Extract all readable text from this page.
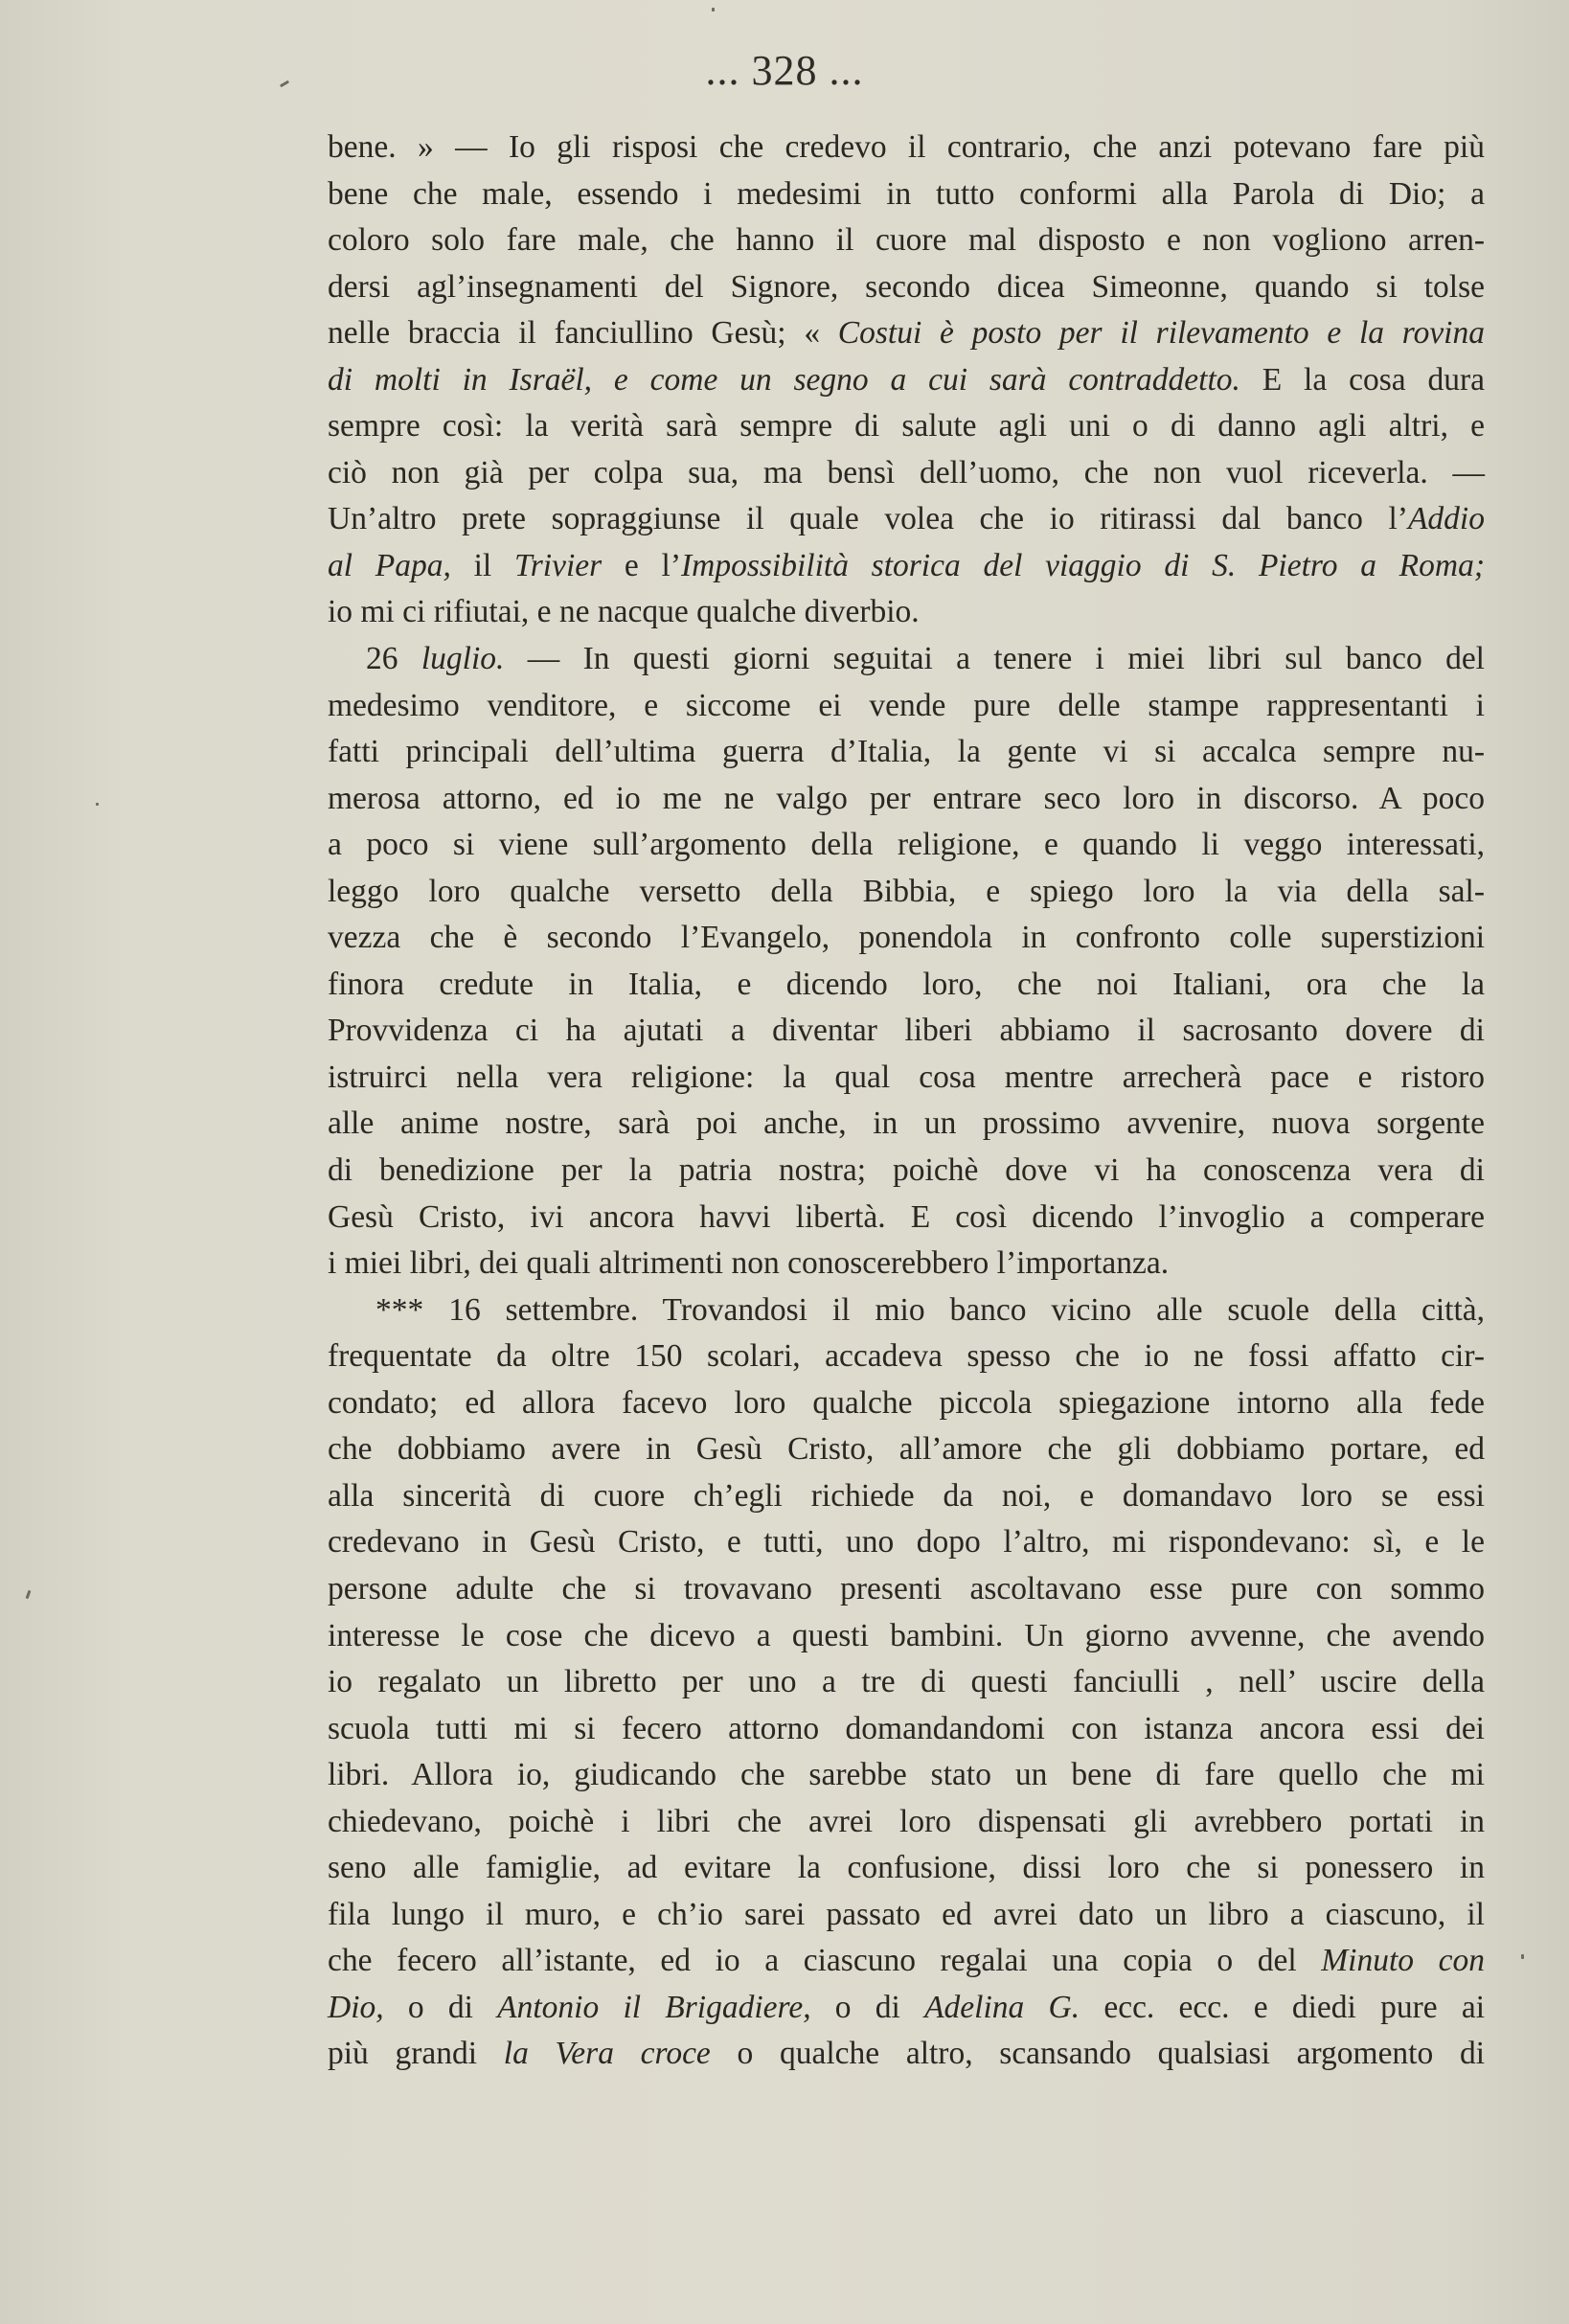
... 328 ...
bene. » — Io gli risposi che credevo il contrario, che anzi potevano fare più
bene che male, essendo i medesimi in tutto conformi alla Parola di Dio; a
coloro solo fare male, che hanno il cuore mal disposto e non vogliono arren-
dersi agl’insegnamenti del Signore, secondo dicea Simeonne, quando si tolse
nelle braccia il fanciullino Gesù; « Costui è posto per il rilevamento e la rovina
di molti in Israël, e come un segno a cui sarà contraddetto. E la cosa dura
sempre così: la verità sarà sempre di salute agli uni o di danno agli altri, e
ciò non già per colpa sua, ma bensì dell’uomo, che non vuol riceverla. —
Un’altro prete sopraggiunse il quale volea che io ritirassi dal banco l’Addio
al Papa, il Trivier e l’Impossibilità storica del viaggio di S. Pietro a Roma;
io mi ci rifiutai, e ne nacque qualche diverbio.
26 luglio. — In questi giorni seguitai a tenere i miei libri sul banco del
medesimo venditore, e siccome ei vende pure delle stampe rappresentanti i
fatti principali dell’ultima guerra d’Italia, la gente vi si accalca sempre nu-
merosa attorno, ed io me ne valgo per entrare seco loro in discorso. A poco
a poco si viene sull’argomento della religione, e quando li veggo interessati,
leggo loro qualche versetto della Bibbia, e spiego loro la via della sal-
vezza che è secondo l’Evangelo, ponendola in confronto colle superstizioni
finora credute in Italia, e dicendo loro, che noi Italiani, ora che la
Provvidenza ci ha ajutati a diventar liberi abbiamo il sacrosanto dovere di
istruirci nella vera religione: la qual cosa mentre arrecherà pace e ristoro
alle anime nostre, sarà poi anche, in un prossimo avvenire, nuova sorgente
di benedizione per la patria nostra; poichè dove vi ha conoscenza vera di
Gesù Cristo, ivi ancora havvi libertà. E così dicendo l’invoglio a comperare
i miei libri, dei quali altrimenti non conoscerebbero l’importanza.
*** 16 settembre. Trovandosi il mio banco vicino alle scuole della città,
frequentate da oltre 150 scolari, accadeva spesso che io ne fossi affatto cir-
condato; ed allora facevo loro qualche piccola spiegazione intorno alla fede
che dobbiamo avere in Gesù Cristo, all’amore che gli dobbiamo portare, ed
alla sincerità di cuore ch’egli richiede da noi, e domandavo loro se essi
credevano in Gesù Cristo, e tutti, uno dopo l’altro, mi rispondevano: sì, e le
persone adulte che si trovavano presenti ascoltavano esse pure con sommo
interesse le cose che dicevo a questi bambini. Un giorno avvenne, che avendo
io regalato un libretto per uno a tre di questi fanciulli , nell’ uscire della
scuola tutti mi si fecero attorno domandandomi con istanza ancora essi dei
libri. Allora io, giudicando che sarebbe stato un bene di fare quello che mi
chiedevano, poichè i libri che avrei loro dispensati gli avrebbero portati in
seno alle famiglie, ad evitare la confusione, dissi loro che si ponessero in
fila lungo il muro, e ch’io sarei passato ed avrei dato un libro a ciascuno, il
che fecero all’istante, ed io a ciascuno regalai una copia o del Minuto con
Dio, o di Antonio il Brigadiere, o di Adelina G. ecc. ecc. e diedi pure ai
più grandi la Vera croce o qualche altro, scansando qualsiasi argomento di
